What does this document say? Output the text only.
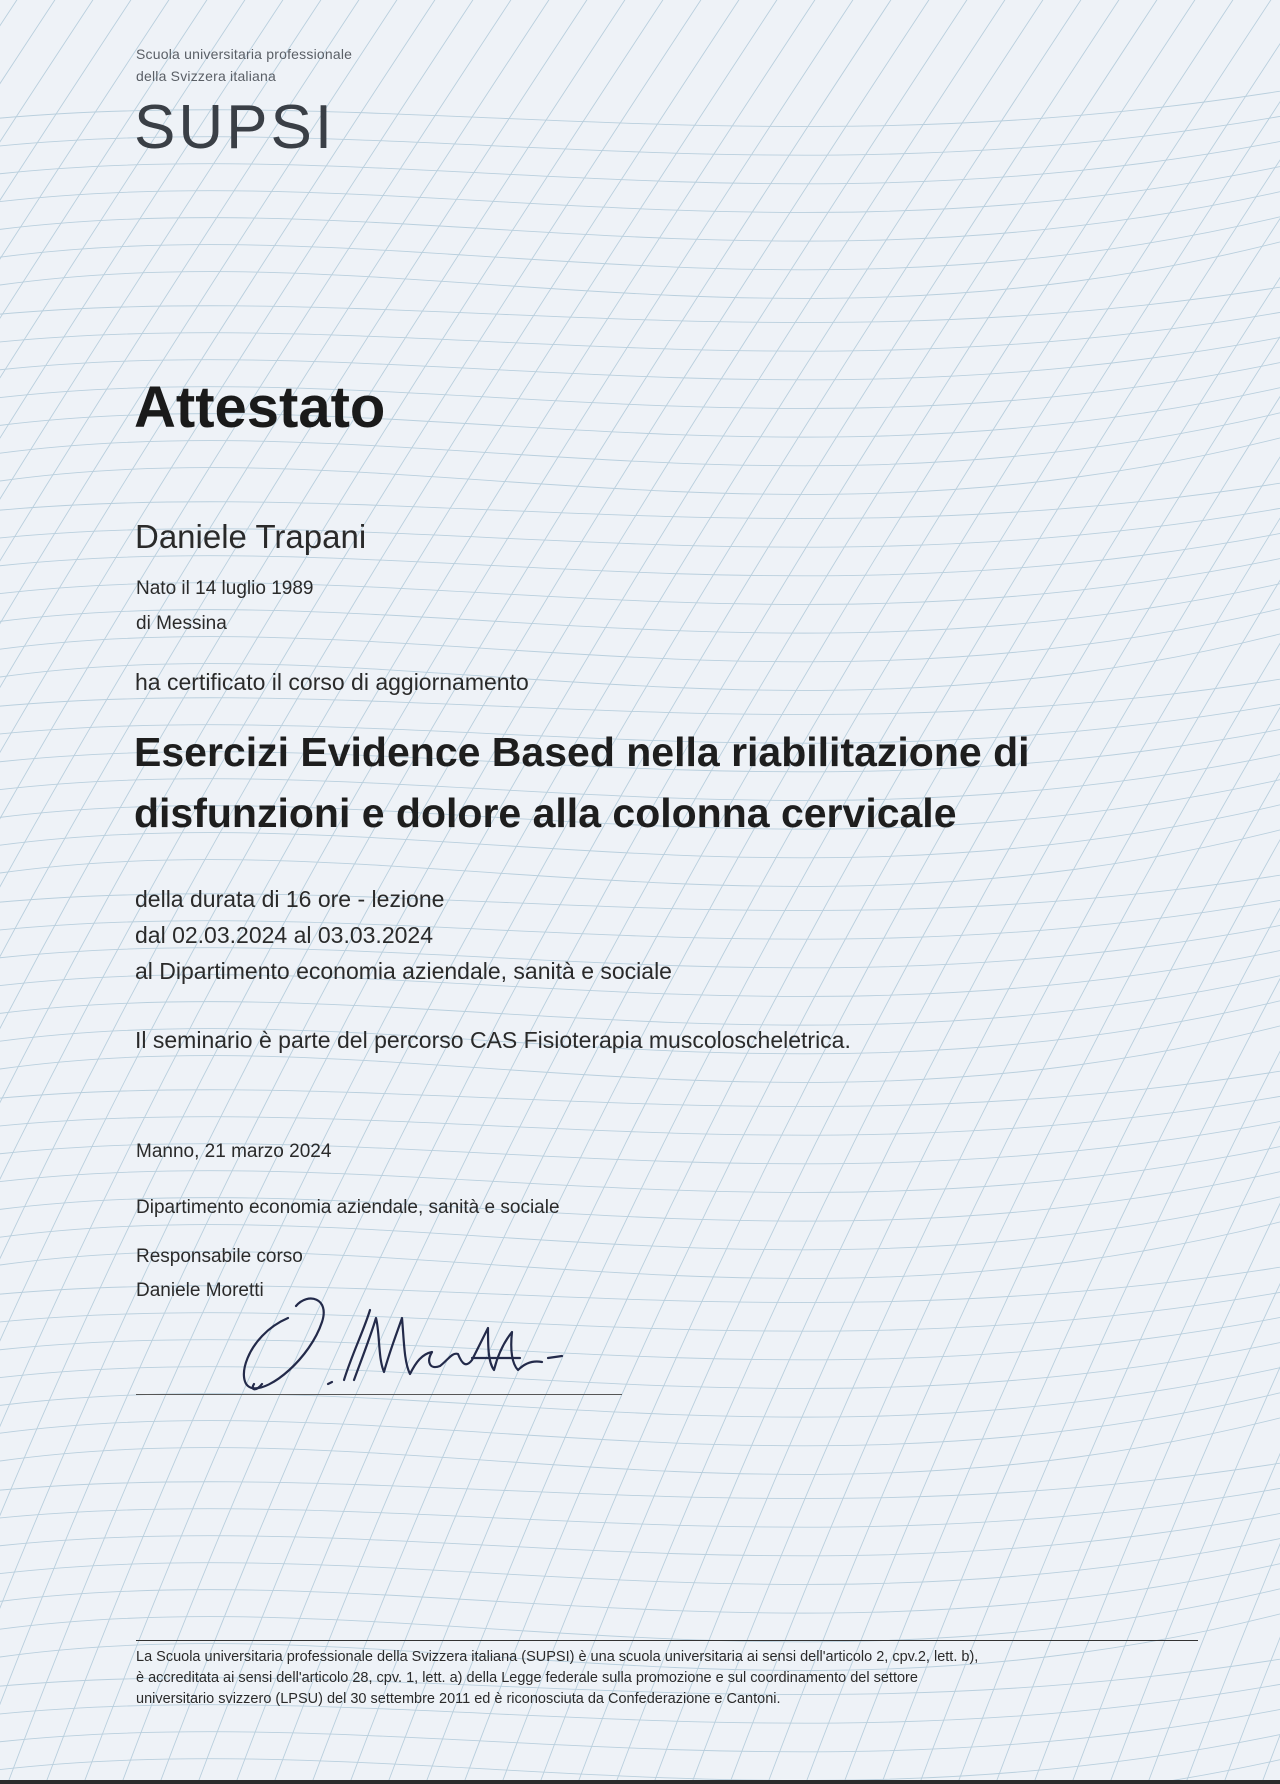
Scuola universitaria professionale
della Svizzera italiana
SUPSI
Attestato
Daniele Trapani
Nato il 14 luglio 1989
di Messina
ha certificato il corso di aggiornamento
Esercizi Evidence Based nella riabilitazione di
disfunzioni e dolore alla colonna cervicale
della durata di 16 ore - lezione
dal 02.03.2024 al 03.03.2024
al Dipartimento economia aziendale, sanità e sociale
Il seminario è parte del percorso CAS Fisioterapia muscoloscheletrica.
Manno, 21 marzo 2024
Dipartimento economia aziendale, sanità e sociale
Responsabile corso
Daniele Moretti
La Scuola universitaria professionale della Svizzera italiana (SUPSI) è una scuola universitaria ai sensi dell'articolo 2, cpv.2, lett. b),
è accreditata ai sensi dell'articolo 28, cpv. 1, lett. a) della Legge federale sulla promozione e sul coordinamento del settore
universitario svizzero (LPSU) del 30 settembre 2011 ed è riconosciuta da Confederazione e Cantoni.
